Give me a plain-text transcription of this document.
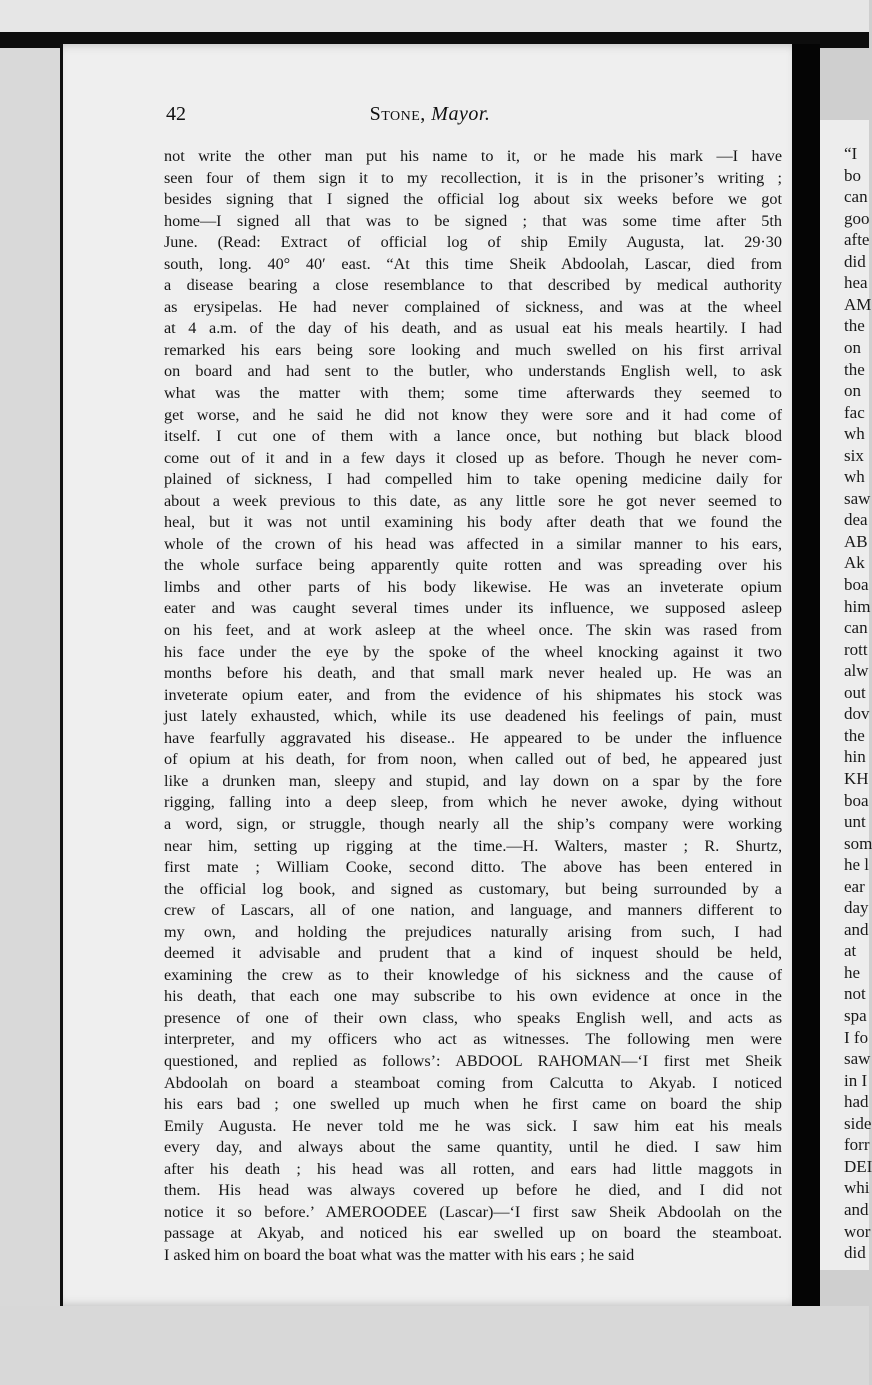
42	Stone, Mayor.
not write the other man put his name to it, or he made his mark —I have
seen four of them sign it to my recollection, it is in the prisoner’s writing ;
besides signing that I signed the official log about six weeks before we got
home—I signed all that was to be signed ; that was some time after 5th
June. (Read: Extract of official log of ship Emily Augusta, lat. 29·30
south, long. 40° 40′ east. “At this time Sheik Abdoolah, Lascar, died from
a disease bearing a close resemblance to that described by medical authority
as erysipelas. He had never complained of sickness, and was at the wheel
at 4 a.m. of the day of his death, and as usual eat his meals heartily. I had
remarked his ears being sore looking and much swelled on his first arrival
on board and had sent to the butler, who understands English well, to ask
what was the matter with them; some time afterwards they seemed to
get worse, and he said he did not know they were sore and it had come of
itself. I cut one of them with a lance once, but nothing but black blood
come out of it and in a few days it closed up as before. Though he never com-
plained of sickness, I had compelled him to take opening medicine daily for
about a week previous to this date, as any little sore he got never seemed to
heal, but it was not until examining his body after death that we found the
whole of the crown of his head was affected in a similar manner to his ears,
the whole surface being apparently quite rotten and was spreading over his
limbs and other parts of his body likewise. He was an inveterate opium
eater and was caught several times under its influence, we supposed asleep
on his feet, and at work asleep at the wheel once. The skin was rased from
his face under the eye by the spoke of the wheel knocking against it two
months before his death, and that small mark never healed up. He was an
inveterate opium eater, and from the evidence of his shipmates his stock was
just lately exhausted, which, while its use deadened his feelings of pain, must
have fearfully aggravated his disease.. He appeared to be under the influence
of opium at his death, for from noon, when called out of bed, he appeared just
like a drunken man, sleepy and stupid, and lay down on a spar by the fore
rigging, falling into a deep sleep, from which he never awoke, dying without
a word, sign, or struggle, though nearly all the ship’s company were working
near him, setting up rigging at the time.—H. Walters, master ; R. Shurtz,
first mate ; William Cooke, second ditto. The above has been entered in
the official log book, and signed as customary, but being surrounded by a
crew of Lascars, all of one nation, and language, and manners different to
my own, and holding the prejudices naturally arising from such, I had
deemed it advisable and prudent that a kind of inquest should be held,
examining the crew as to their knowledge of his sickness and the cause of
his death, that each one may subscribe to his own evidence at once in the
presence of one of their own class, who speaks English well, and acts as
interpreter, and my officers who act as witnesses. The following men were
questioned, and replied as follows’: ABDOOL RAHOMAN—‘I first met Sheik
Abdoolah on board a steamboat coming from Calcutta to Akyab. I noticed
his ears bad ; one swelled up much when he first came on board the ship
Emily Augusta. He never told me he was sick. I saw him eat his meals
every day, and always about the same quantity, until he died. I saw him
after his death ; his head was all rotten, and ears had little maggots in
them. His head was always covered up before he died, and I did not
notice it so before.’ AMEROODEE (Lascar)—‘I first saw Sheik Abdoolah on the
passage at Akyab, and noticed his ear swelled up on board the steamboat.
I asked him on board the boat what was the matter with his ears ; he said
“I
bo
can
goo
afte
did
hea
AM
the
on
the
on
fac
wh
six
wh
saw
dea
AB
Ak
boa
him
can
rott
alw
out
dov
the
hin
KH
boa
unt
som
he l
ear
day
and
at
he
not
spa
I fo
saw
in I
had
side
forr
DEI
whi
and
wor
did
